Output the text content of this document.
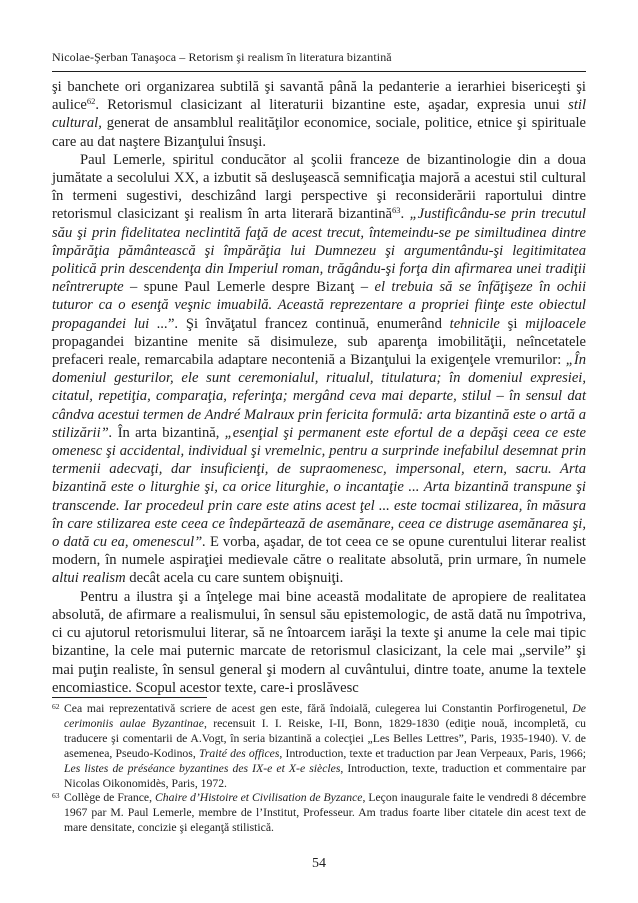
Nicolae-Şerban Tanaşoca – Retorism şi realism în literatura bizantină

şi banchete ori organizarea subtilă şi savantă până la pedanterie a ierarhiei bisericeşti şi aulice$^{62}$. Retorismul clasicizant al literaturii bizantine este, aşadar, expresia unui stil cultural, generat de ansamblul realităţilor economice, sociale, politice, etnice şi spirituale care au dat naştere Bizanţului însuşi.

Paul Lemerle, spiritul conducător al şcolii franceze de bizantinologie din a doua jumătate a secolului XX, a izbutit să desluşească semnificaţia majoră a acestui stil cultural în termeni sugestivi, deschizând largi perspective şi reconsiderării raportului dintre retorismul clasicizant şi realism în arta literară bizantină$^{63}$. „Justificându-se prin trecutul său şi prin fidelitatea neclintită faţă de acest trecut, întemeindu-se pe similtudinea dintre împărăţia pământească şi împărăţia lui Dumnezeu şi argumentându-şi legitimitatea politică prin descendenţa din Imperiul roman, trăgându-şi forţa din afirmarea unei tradiţii neîntrerupte – spune Paul Lemerle despre Bizanţ – el trebuia să se înfăţişeze în ochii tuturor ca o esenţă veşnic imuabilă. Această reprezentare a propriei fiinţe este obiectul propagandei lui ...”. Şi învăţatul francez continuă, enumerând tehnicile şi mijloacele propagandei bizantine menite să disimuleze, sub aparenţa imobilităţii, neîncetatele prefaceri reale, remarcabila adaptare neconteniă a Bizanţului la exigenţele vremurilor: „În domeniul gesturilor, ele sunt ceremonialul, ritualul, titulatura; în domeniul expresiei, citatul, repetiţia, comparaţia, referinţa; mergând ceva mai departe, stilul – în sensul dat cândva acestui termen de André Malraux prin fericita formulă: arta bizantină este o artă a stilizării”. În arta bizantină, „esenţial şi permanent este efortul de a depăşi ceea ce este omenesc şi accidental, individual şi vremelnic, pentru a surprinde inefabilul desemnat prin termenii adecvaţi, dar insuficienţi, de supraomenesc, impersonal, etern, sacru. Arta bizantină este o liturghie şi, ca orice liturghie, o incantaţie ... Arta bizantină transpune şi transcende. Iar procedeul prin care este atins acest ţel ... este tocmai stilizarea, în măsura în care stilizarea este ceea ce îndepărtează de asemănare, ceea ce distruge asemănarea şi, o dată cu ea, omenescul”. E vorba, aşadar, de tot ceea ce se opune curentului literar realist modern, în numele aspiraţiei medievale către o realitate absolută, prin urmare, în numele altui realism decât acela cu care suntem obişnuiţi.

Pentru a ilustra şi a înţelege mai bine această modalitate de apropiere de realitatea absolută, de afirmare a realismului, în sensul său epistemologic, de astă dată nu împotriva, ci cu ajutorul retorismului literar, să ne întoarcem iarăşi la texte şi anume la cele mai tipic bizantine, la cele mai puternic marcate de retorismul clasicizant, la cele mai „servile” şi mai puţin realiste, în sensul general şi modern al cuvântului, dintre toate, anume la textele encomiastice. Scopul acestor texte, care-i proslăvesc

62 Cea mai reprezentativă scriere de acest gen este, fără îndoială, culegerea lui Constantin Porfirogenetul, De cerimoniis aulae Byzantinae, recensuit I. I. Reiske, I-II, Bonn, 1829-1830 (ediţie nouă, incompletă, cu traducere şi comentarii de A.Vogt, în seria bizantină a colecţiei „Les Belles Lettres”, Paris, 1935-1940). V. de asemenea, Pseudo-Kodinos, Traité des offices, Introduction, texte et traduction par Jean Verpeaux, Paris, 1966; Les listes de préséance byzantines des IX-e et X-e siècles, Introduction, texte, traduction et commentaire par Nicolas Oikonomidès, Paris, 1972.

63 Collège de France, Chaire d’Histoire et Civilisation de Byzance, Leçon inaugurale faite le vendredi 8 décembre 1967 par M. Paul Lemerle, membre de l’Institut, Professeur. Am tradus foarte liber citatele din acest text de mare densitate, concizie şi eleganţă stilistică.

54
